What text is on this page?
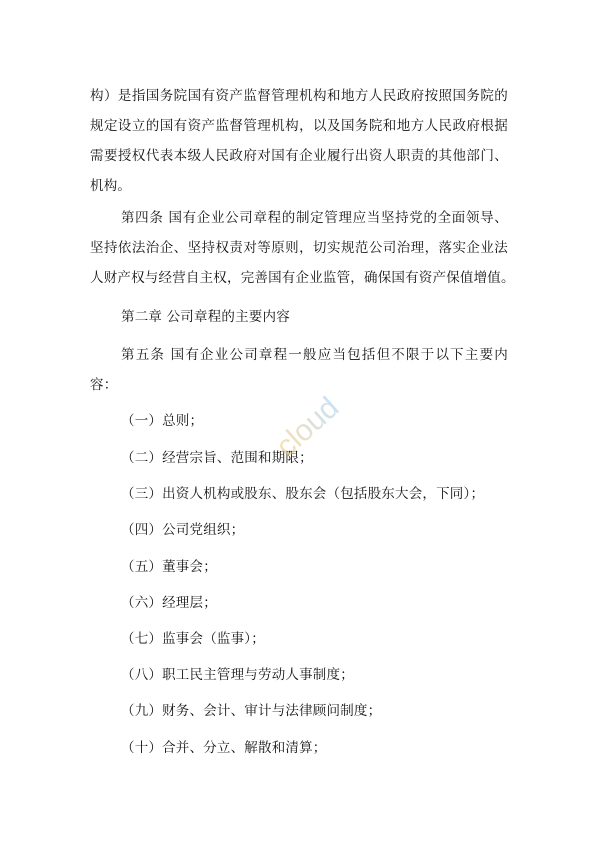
构）是指国务院国有资产监督管理机构和地方人民政府按照国务院的
规定设立的国有资产监督管理机构，以及国务院和地方人民政府根据
需要授权代表本级人民政府对国有企业履行出资人职责的其他部门、
机构。
第四条 国有企业公司章程的制定管理应当坚持党的全面领导、
坚持依法治企、坚持权责对等原则，切实规范公司治理，落实企业法
人财产权与经营自主权，完善国有企业监管，确保国有资产保值增值。
第二章 公司章程的主要内容
第五条 国有企业公司章程一般应当包括但不限于以下主要内
容：
（一）总则；
（二）经营宗旨、范围和期限；
（三）出资人机构或股东、股东会（包括股东大会，下同）；
（四）公司党组织；
（五）董事会；
（六）经理层；
（七）监事会（监事）；
（八）职工民主管理与劳动人事制度；
（九）财务、会计、审计与法律顾问制度；
（十）合并、分立、解散和清算；
cloud
